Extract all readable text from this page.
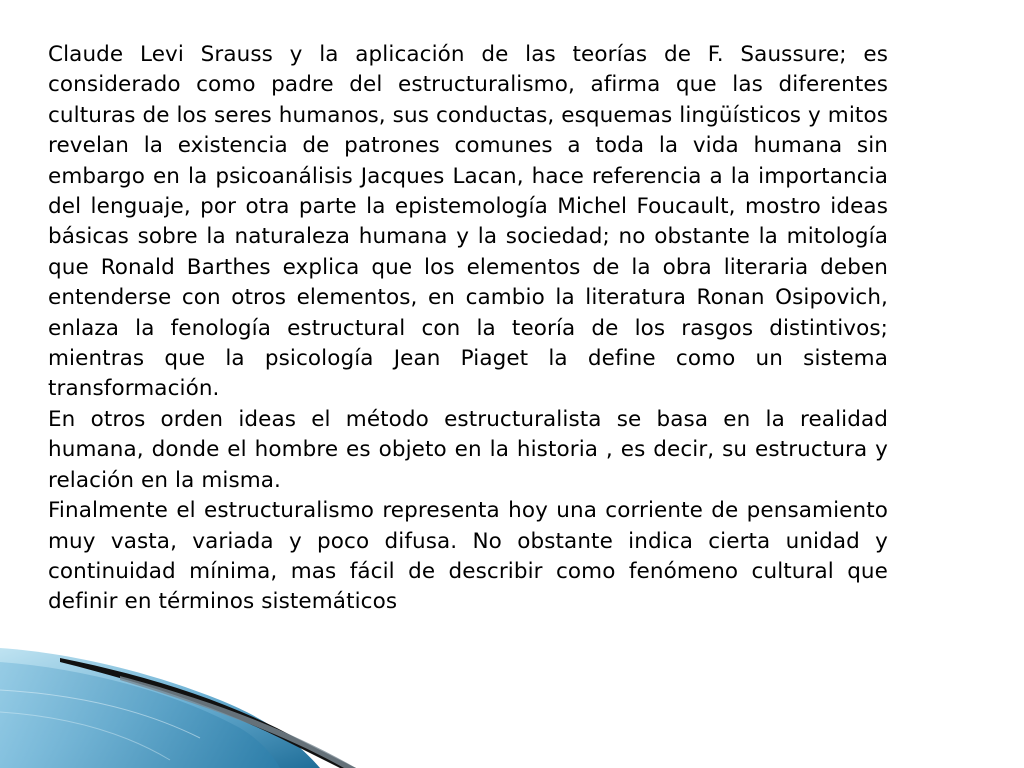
Claude Levi Srauss y la aplicación de las teorías de F. Saussure; es considerado como padre del estructuralismo, afirma que las diferentes culturas de los seres humanos, sus conductas, esquemas lingüísticos y mitos revelan la existencia de patrones comunes a toda la vida humana sin embargo en la psicoanálisis Jacques Lacan, hace referencia a la importancia del lenguaje, por otra parte la epistemología Michel Foucault, mostro ideas básicas sobre la naturaleza humana y la sociedad; no obstante la mitología que Ronald Barthes explica que los elementos de la obra literaria deben entenderse con otros elementos, en cambio la literatura Ronan Osipovich, enlaza la fenología estructural con la teoría de los rasgos distintivos; mientras que la psicología Jean Piaget la define como un sistema transformación.

En otros orden ideas el método estructuralista se basa en la realidad humana, donde el hombre es objeto en la historia , es decir, su estructura y relación en la misma.

Finalmente el estructuralismo representa hoy una corriente de pensamiento muy vasta, variada y poco difusa. No obstante indica cierta unidad y continuidad mínima, mas fácil de describir como fenómeno cultural que definir en términos sistemáticos
